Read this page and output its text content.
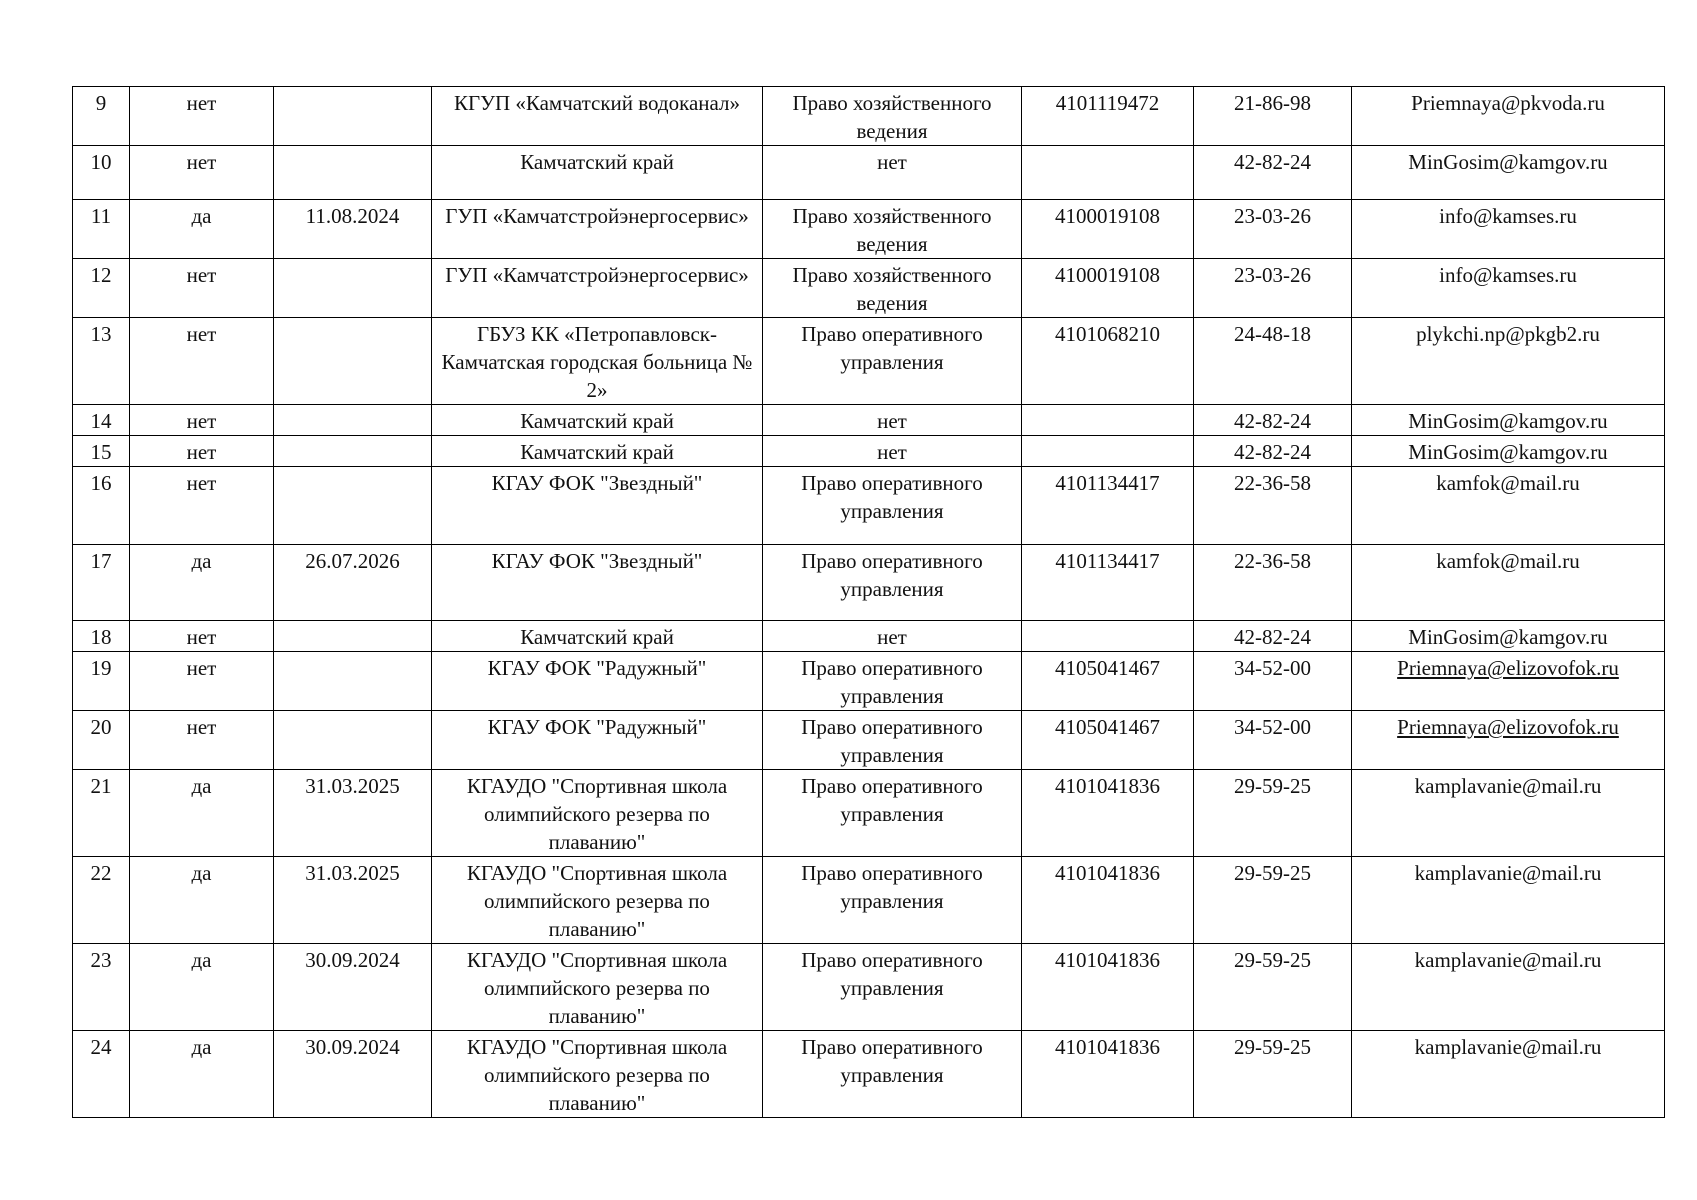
9	нет		КГУП «Камчатский водоканал»	Право хозяйственного ведения	4101119472	21-86-98	Priemnaya@pkvoda.ru
10	нет		Камчатский край	нет		42-82-24	MinGosim@kamgov.ru
11	да	11.08.2024	ГУП «Камчатстройэнергосервис»	Право хозяйственного ведения	4100019108	23-03-26	info@kamses.ru
12	нет		ГУП «Камчатстройэнергосервис»	Право хозяйственного ведения	4100019108	23-03-26	info@kamses.ru
13	нет		ГБУЗ КК «Петропавловск-Камчатская городская больница № 2»	Право оперативного управления	4101068210	24-48-18	plykchi.np@pkgb2.ru
14	нет		Камчатский край	нет		42-82-24	MinGosim@kamgov.ru
15	нет		Камчатский край	нет		42-82-24	MinGosim@kamgov.ru
16	нет		КГАУ ФОК "Звездный"	Право оперативного управления	4101134417	22-36-58	kamfok@mail.ru
17	да	26.07.2026	КГАУ ФОК "Звездный"	Право оперативного управления	4101134417	22-36-58	kamfok@mail.ru
18	нет		Камчатский край	нет		42-82-24	MinGosim@kamgov.ru
19	нет		КГАУ ФОК "Радужный"	Право оперативного управления	4105041467	34-52-00	Priemnaya@elizovofok.ru
20	нет		КГАУ ФОК "Радужный"	Право оперативного управления	4105041467	34-52-00	Priemnaya@elizovofok.ru
21	да	31.03.2025	КГАУДО "Спортивная школа олимпийского резерва по плаванию"	Право оперативного управления	4101041836	29-59-25	kamplavanie@mail.ru
22	да	31.03.2025	КГАУДО "Спортивная школа олимпийского резерва по плаванию"	Право оперативного управления	4101041836	29-59-25	kamplavanie@mail.ru
23	да	30.09.2024	КГАУДО "Спортивная школа олимпийского резерва по плаванию"	Право оперативного управления	4101041836	29-59-25	kamplavanie@mail.ru
24	да	30.09.2024	КГАУДО "Спортивная школа олимпийского резерва по плаванию"	Право оперативного управления	4101041836	29-59-25	kamplavanie@mail.ru
